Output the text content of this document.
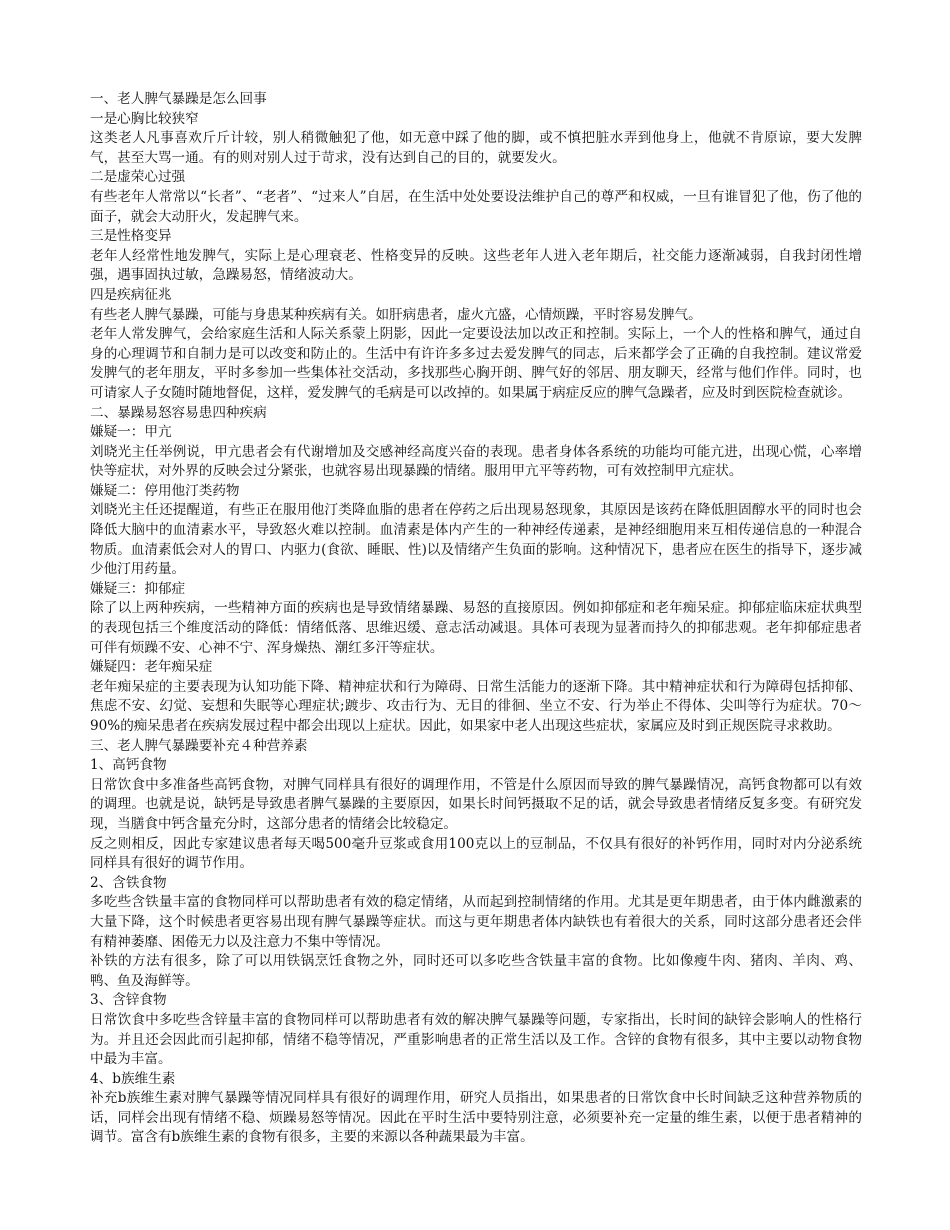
一、老人脾气暴躁是怎么回事

一是心胸比较狭窄

这类老人凡事喜欢斤斤计较，别人稍微触犯了他，如无意中踩了他的脚，或不慎把脏水弄到他身上，他就不肯原谅，要大发脾气，甚至大骂一通。有的则对别人过于苛求，没有达到自己的目的，就要发火。

二是虚荣心过强

有些老年人常常以“长者”、“老者”、“过来人”自居，在生活中处处要设法维护自己的尊严和权威，一旦有谁冒犯了他，伤了他的面子，就会大动肝火，发起脾气来。

三是性格变异

老年人经常性地发脾气，实际上是心理衰老、性格变异的反映。这些老年人进入老年期后，社交能力逐渐减弱，自我封闭性增强，遇事固执过敏，急躁易怒，情绪波动大。

四是疾病征兆

有些老人脾气暴躁，可能与身患某种疾病有关。如肝病患者，虚火亢盛，心情烦躁，平时容易发脾气。

老年人常发脾气，会给家庭生活和人际关系蒙上阴影，因此一定要设法加以改正和控制。实际上，一个人的性格和脾气，通过自身的心理调节和自制力是可以改变和防止的。生活中有许许多多过去爱发脾气的同志，后来都学会了正确的自我控制。建议常爱发脾气的老年朋友，平时多参加一些集体社交活动，多找那些心胸开朗、脾气好的邻居、朋友聊天，经常与他们作伴。同时，也可请家人子女随时随地督促，这样，爱发脾气的毛病是可以改掉的。如果属于病症反应的脾气急躁者，应及时到医院检查就诊。

二、暴躁易怒容易患四种疾病

嫌疑一：甲亢

刘晓光主任举例说，甲亢患者会有代谢增加及交感神经高度兴奋的表现。患者身体各系统的功能均可能亢进，出现心慌，心率增快等症状，对外界的反映会过分紧张，也就容易出现暴躁的情绪。服用甲亢平等药物，可有效控制甲亢症状。

嫌疑二：停用他汀类药物

刘晓光主任还提醒道，有些正在服用他汀类降血脂的患者在停药之后出现易怒现象，其原因是该药在降低胆固醇水平的同时也会降低大脑中的血清素水平，导致怒火难以控制。血清素是体内产生的一种神经传递素，是神经细胞用来互相传递信息的一种混合物质。血清素低会对人的胃口、内驱力(食欲、睡眠、性)以及情绪产生负面的影响。这种情况下，患者应在医生的指导下，逐步减少他汀用药量。

嫌疑三：抑郁症

除了以上两种疾病，一些精神方面的疾病也是导致情绪暴躁、易怒的直接原因。例如抑郁症和老年痴呆症。抑郁症临床症状典型的表现包括三个维度活动的降低：情绪低落、思维迟缓、意志活动减退。具体可表现为显著而持久的抑郁悲观。老年抑郁症患者可伴有烦躁不安、心神不宁、浑身燥热、潮红多汗等症状。

嫌疑四：老年痴呆症

老年痴呆症的主要表现为认知功能下降、精神症状和行为障碍、日常生活能力的逐渐下降。其中精神症状和行为障碍包括抑郁、焦虑不安、幻觉、妄想和失眠等心理症状;踱步、攻击行为、无目的徘徊、坐立不安、行为举止不得体、尖叫等行为症状。70～90%的痴呆患者在疾病发展过程中都会出现以上症状。因此，如果家中老人出现这些症状，家属应及时到正规医院寻求救助。

三、老人脾气暴躁要补充４种营养素

1、高钙食物

日常饮食中多准备些高钙食物，对脾气同样具有很好的调理作用，不管是什么原因而导致的脾气暴躁情况，高钙食物都可以有效的调理。也就是说，缺钙是导致患者脾气暴躁的主要原因，如果长时间钙摄取不足的话，就会导致患者情绪反复多变。有研究发现，当膳食中钙含量充分时，这部分患者的情绪会比较稳定。

反之则相反，因此专家建议患者每天喝500毫升豆浆或食用100克以上的豆制品，不仅具有很好的补钙作用，同时对内分泌系统同样具有很好的调节作用。

2、含铁食物

多吃些含铁量丰富的食物同样可以帮助患者有效的稳定情绪，从而起到控制情绪的作用。尤其是更年期患者，由于体内雌激素的大量下降，这个时候患者更容易出现有脾气暴躁等症状。而这与更年期患者体内缺铁也有着很大的关系，同时这部分患者还会伴有精神萎靡、困倦无力以及注意力不集中等情况。

补铁的方法有很多，除了可以用铁锅烹饪食物之外，同时还可以多吃些含铁量丰富的食物。比如像瘦牛肉、猪肉、羊肉、鸡、鸭、鱼及海鲜等。

3、含锌食物

日常饮食中多吃些含锌量丰富的食物同样可以帮助患者有效的解决脾气暴躁等问题，专家指出，长时间的缺锌会影响人的性格行为。并且还会因此而引起抑郁，情绪不稳等情况，严重影响患者的正常生活以及工作。含锌的食物有很多，其中主要以动物食物中最为丰富。

4、b族维生素

补充b族维生素对脾气暴躁等情况同样具有很好的调理作用，研究人员指出，如果患者的日常饮食中长时间缺乏这种营养物质的话，同样会出现有情绪不稳、烦躁易怒等情况。因此在平时生活中要特别注意，必须要补充一定量的维生素，以便于患者精神的调节。富含有b族维生素的食物有很多，主要的来源以各种蔬果最为丰富。
